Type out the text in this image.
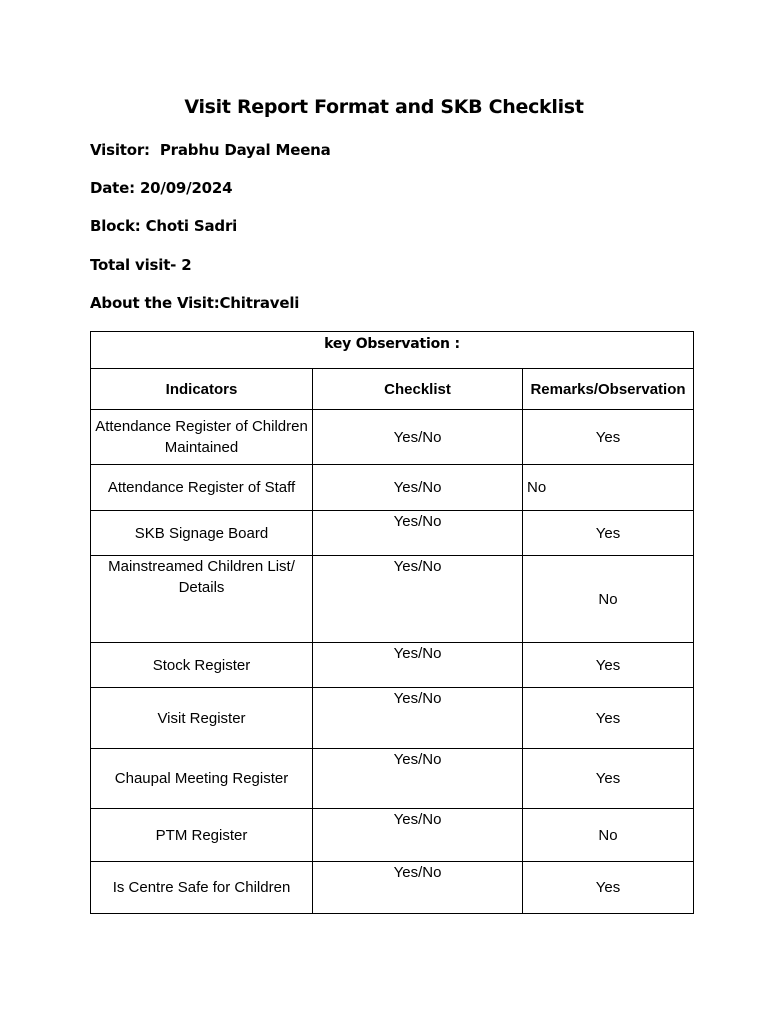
Visit Report Format and SKB Checklist
Visitor: Prabhu Dayal Meena
Date: 20/09/2024
Block: Choti Sadri
Total visit- 2
About the Visit:Chitraveli
key Observation :		
Indicators	Checklist	Remarks/Observation
Attendance Register of Children Maintained	Yes/No	Yes
Attendance Register of Staff	Yes/No	No
SKB Signage Board	Yes/No	Yes
Mainstreamed Children List/ Details	Yes/No	No
Stock Register	Yes/No	Yes
Visit Register	Yes/No	Yes
Chaupal Meeting Register	Yes/No	Yes
PTM Register	Yes/No	No
Is Centre Safe for Children	Yes/No	Yes
